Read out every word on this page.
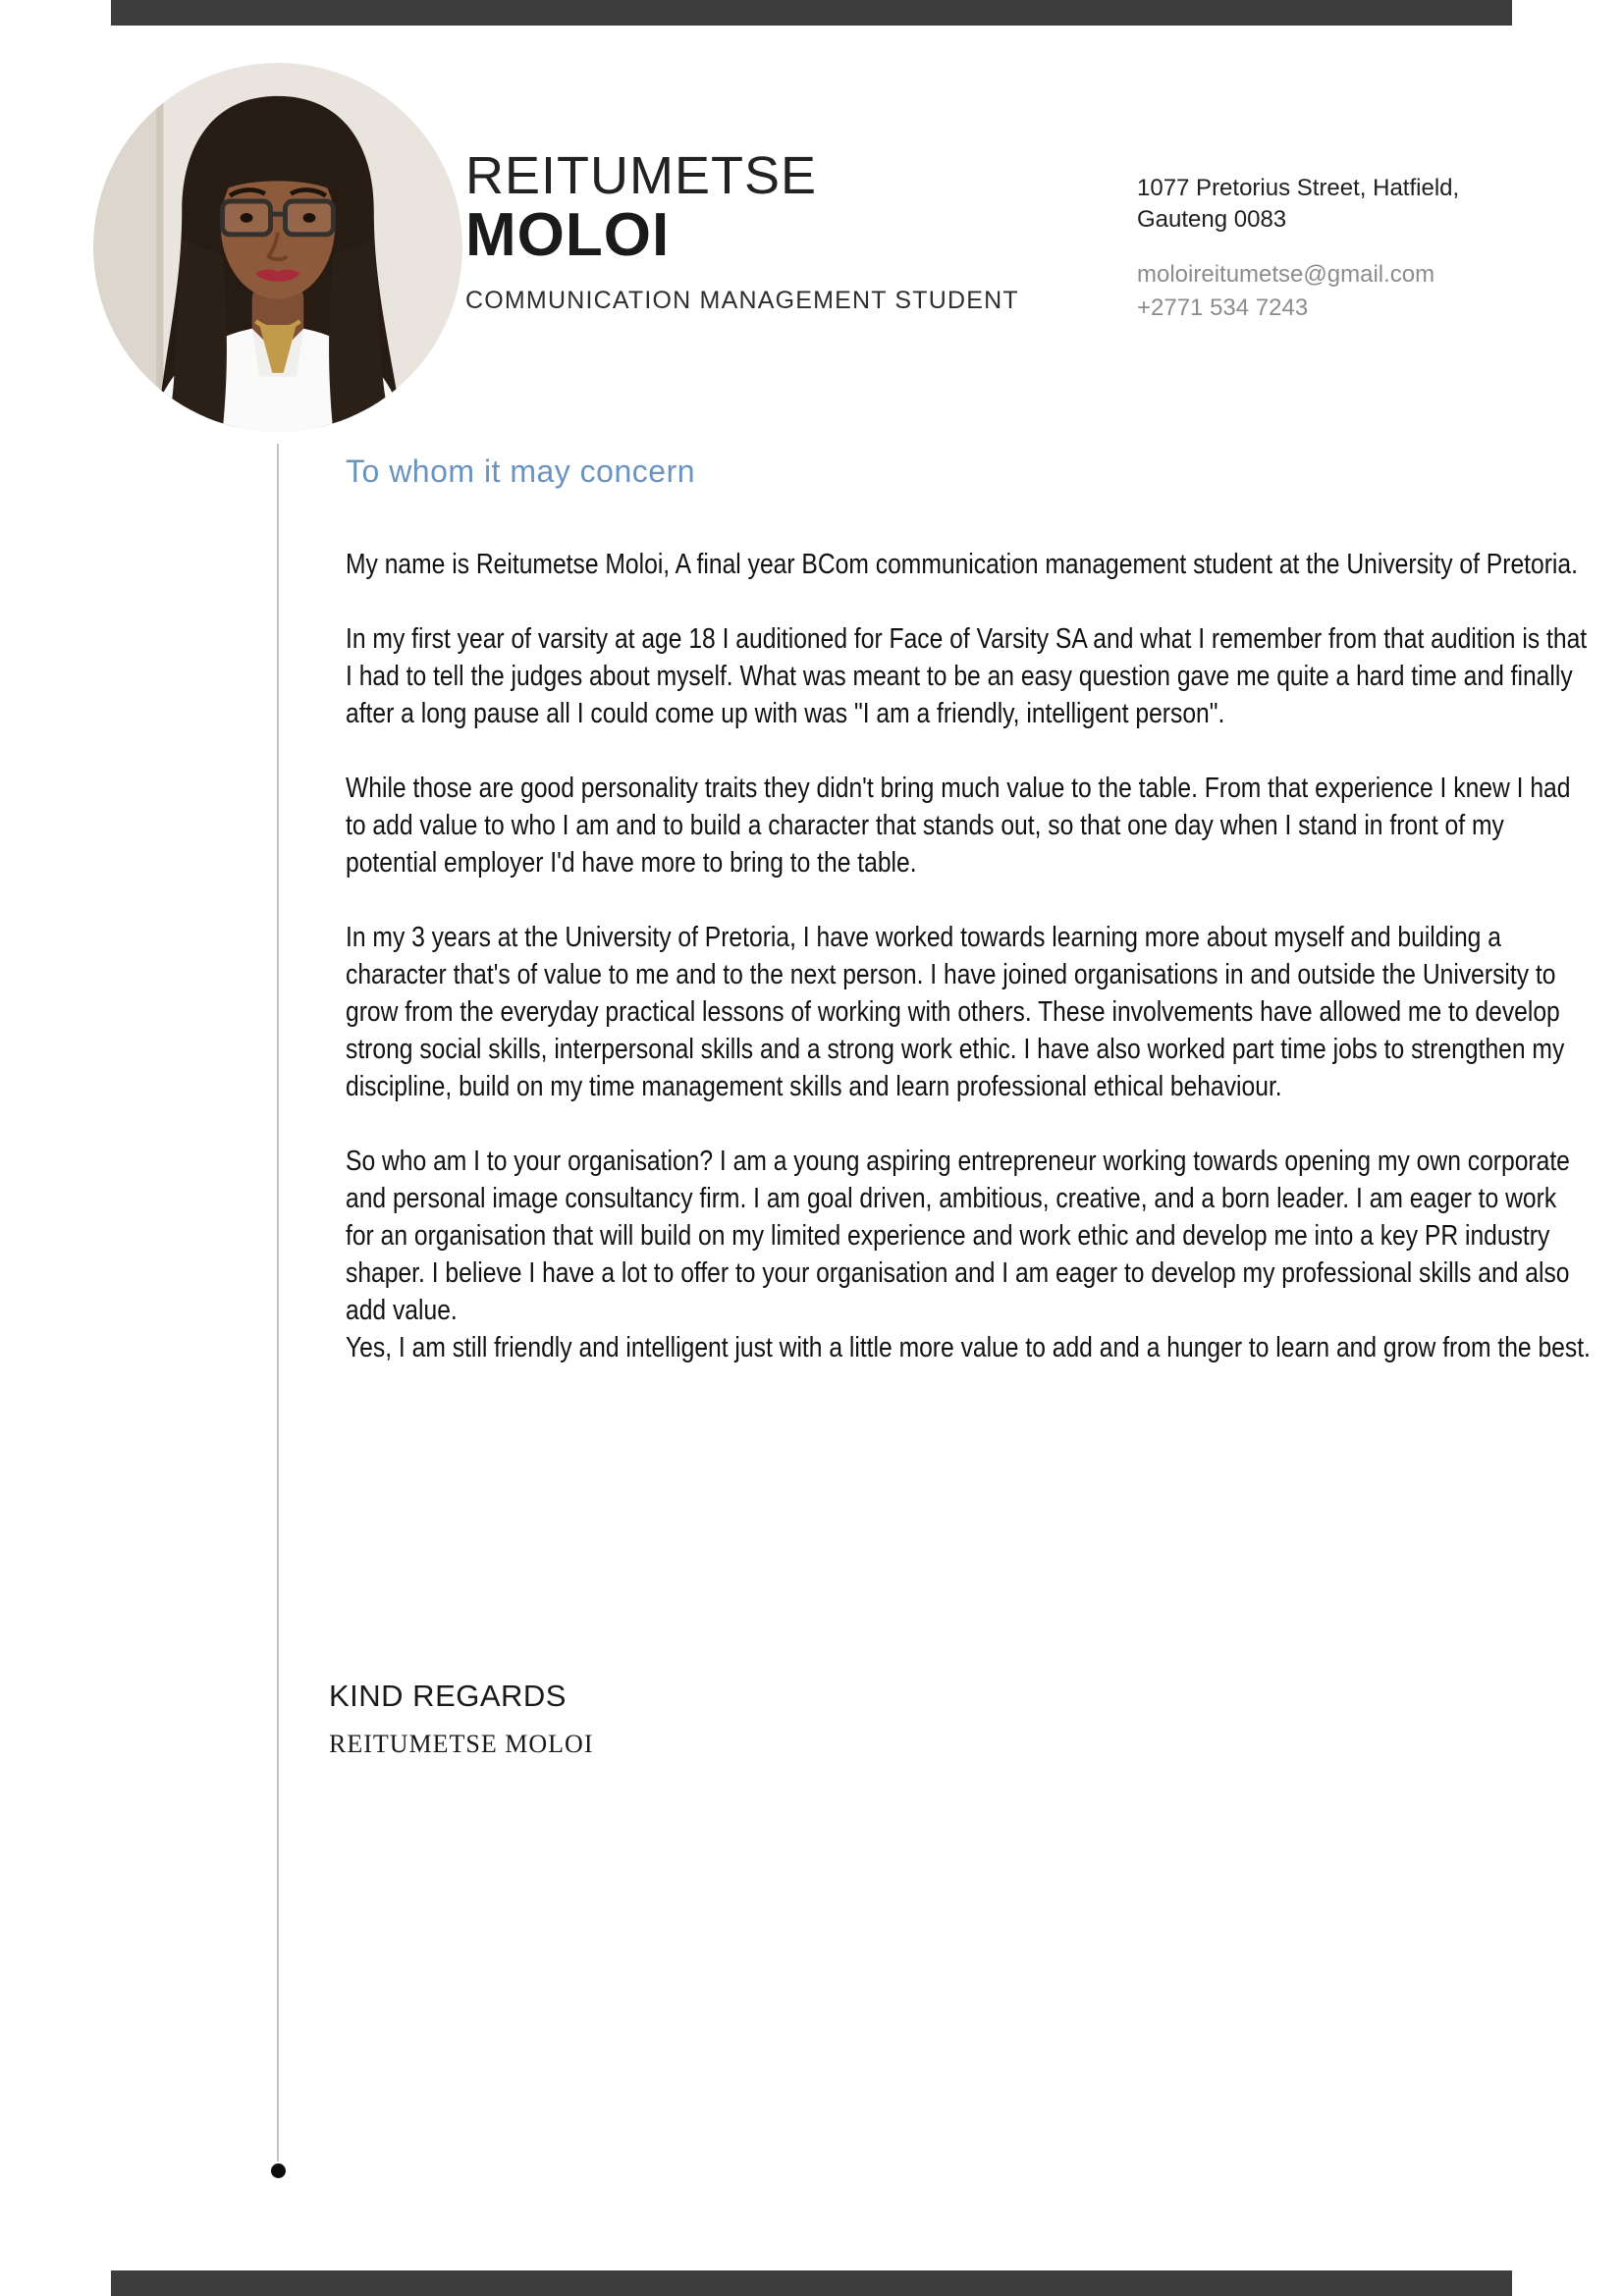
REITUMETSE
MOLOI
COMMUNICATION MANAGEMENT STUDENT
1077 Pretorius Street, Hatfield,
Gauteng 0083
moloireitumetse@gmail.com
+2771 534 7243
To whom it may concern

My name is Reitumetse Moloi, A final year BCom communication management student at the University of Pretoria.

In my first year of varsity at age 18 I auditioned for Face of Varsity SA and what I remember from that audition is that I had to tell the judges about myself. What was meant to be an easy question gave me quite a hard time and finally after a long pause all I could come up with was "I am a friendly, intelligent person".

While those are good personality traits they didn't bring much value to the table. From that experience I knew I had to add value to who I am and to build a character that stands out, so that one day when I stand in front of my potential employer I'd have more to bring to the table.

In my 3 years at the University of Pretoria, I have worked towards learning more about myself and building a character that's of value to me and to the next person. I have joined organisations in and outside the University to grow from the everyday practical lessons of working with others. These involvements have allowed me to develop strong social skills, interpersonal skills and a strong work ethic. I have also worked part time jobs to strengthen my discipline, build on my time management skills and learn professional ethical behaviour.

So who am I to your organisation? I am a young aspiring entrepreneur working towards opening my own corporate and personal image consultancy firm. I am goal driven, ambitious, creative, and a born leader. I am eager to work for an organisation that will build on my limited experience and work ethic and develop me into a key PR industry shaper. I believe I have a lot to offer to your organisation and I am eager to develop my professional skills and also add value.

Yes, I am still friendly and intelligent just with a little more value to add and a hunger to learn and grow from the best.

KIND REGARDS
REITUMETSE MOLOI
